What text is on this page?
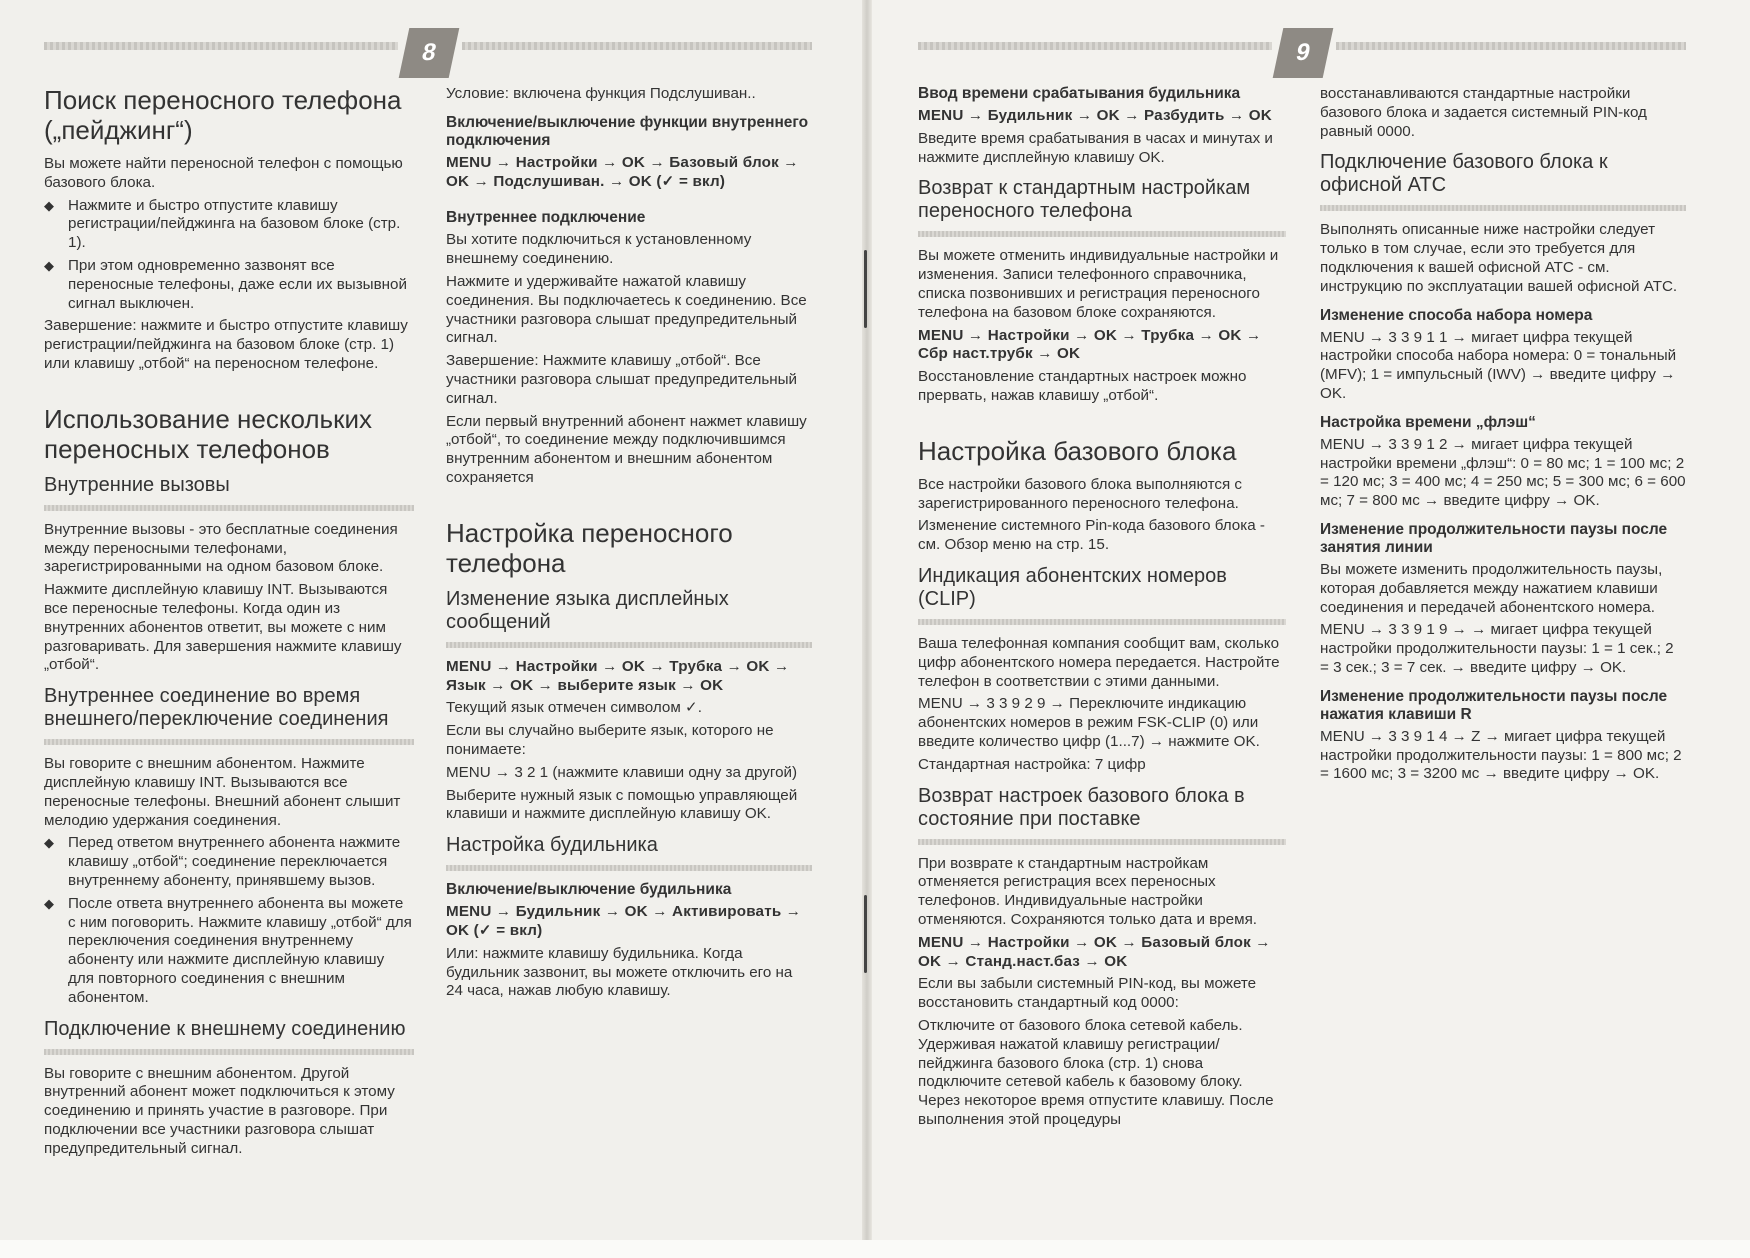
8	9
Поиск переносного телефона („пейджинг“)

Вы можете найти переносной телефон с помощью базового блока.

◆ Нажмите и быстро отпустите клавишу регистрации/пейджинга на базовом блоке (стр. 1).

◆ При этом одновременно зазвонят все переносные телефоны, даже если их вызывной сигнал выключен.

Завершение: нажмите и быстро отпустите клавишу регистрации/пейджинга на базовом блоке (стр. 1) или клавишу „отбой“ на переносном телефоне.

Использование нескольких переносных телефонов
Внутренние вызовы

Внутренние вызовы - это бесплатные соединения между переносными телефонами, зарегистрированными на одном базовом блоке.

Нажмите дисплейную клавишу INT. Вызываются все переносные телефоны. Когда один из внутренних абонентов ответит, вы можете с ним разговаривать. Для завершения нажмите клавишу „отбой“.

Внутреннее соединение во время внешнего/переключение соединения

Вы говорите с внешним абонентом. Нажмите дисплейную клавишу INT. Вызываются все переносные телефоны. Внешний абонент слышит мелодию удержания соединения.

◆ Перед ответом внутреннего абонента нажмите клавишу „отбой“; соединение переключается внутреннему абоненту, принявшему вызов.

◆ После ответа внутреннего абонента вы можете с ним поговорить. Нажмите клавишу „отбой“ для переключения соединения внутреннему абоненту или нажмите дисплейную клавишу для повторного соединения с внешним абонентом.

Подключение к внешнему соединению

Вы говорите с внешним абонентом. Другой внутренний абонент может подключиться к этому соединению и принять участие в разговоре. При подключении все участники разговора слышат предупредительный сигнал.

Условие: включена функция Подслушиван..

Включение/выключение функции внутреннего подключения

MENU → Настройки → OK → Базовый блок → OK → Подслушиван. → OK (✓ = вкл)

Внутреннее подключение

Вы хотите подключиться к установленному внешнему соединению.

Нажмите и удерживайте нажатой клавишу соединения. Вы подключаетесь к соединению. Все участники разговора слышат предупредительный сигнал.

Завершение: Нажмите клавишу „отбой“. Все участники разговора слышат предупредительный сигнал.

Если первый внутренний абонент нажмет клавишу „отбой“, то соединение между подключившимся внутренним абонентом и внешним абонентом сохраняется

Настройка переносного телефона
Изменение языка дисплейных сообщений

MENU → Настройки → OK → Трубка → OK → Язык → OK → выберите язык → OK

Текущий язык отмечен символом ✓.

Если вы случайно выберите язык, которого не понимаете:

MENU → 3 2 1 (нажмите клавиши одну за другой)

Выберите нужный язык с помощью управляющей клавиши и нажмите дисплейную клавишу OK.

Настройка будильника
Включение/выключение будильника

MENU → Будильник → OK → Активировать → OK (✓ = вкл)

Или: нажмите клавишу будильника. Когда будильник зазвонит, вы можете отключить его на 24 часа, нажав любую клавишу.

Ввод времени срабатывания будильника

MENU → Будильник → OK → Разбудить → OK

Введите время срабатывания в часах и минутах и нажмите дисплейную клавишу OK.

Возврат к стандартным настройкам переносного телефона

Вы можете отменить индивидуальные настройки и изменения. Записи телефонного справочника, списка позвонивших и регистрация переносного телефона на базовом блоке сохраняются.

MENU → Настройки → OK → Трубка → OK → Сбр наст.трубк → OK

Восстановление стандартных настроек можно прервать, нажав клавишу „отбой“.

Настройка базового блока

Все настройки базового блока выполняются с зарегистрированного переносного телефона.

Изменение системного Pin-кода базового блока - см. Обзор меню на стр. 15.

Индикация абонентских номеров (CLIP)

Ваша телефонная компания сообщит вам, сколько цифр абонентского номера передается. Настройте телефон в соответствии с этими данными.

MENU → 3 3 9 2 9 → Переключите индикацию абонентских номеров в режим FSK-CLIP (0) или введите количество цифр (1...7) → нажмите OK.

Стандартная настройка: 7 цифр

Возврат настроек базового блока в состояние при поставке

При возврате к стандартным настройкам отменяется регистрация всех переносных телефонов. Индивидуальные настройки отменяются. Сохраняются только дата и время.

MENU → Настройки → OK → Базовый блок → OK → Станд.наст.баз → OK

Если вы забыли системный PIN-код, вы можете восстановить стандартный код 0000:

Отключите от базового блока сетевой кабель. Удерживая нажатой клавишу регистрации/пейджинга базового блока (стр. 1) снова подключите сетевой кабель к базовому блоку. Через некоторое время отпустите клавишу. После выполнения этой процедуры

восстанавливаются стандартные настройки базового блока и задается системный PIN-код равный 0000.

Подключение базового блока к офисной АТС

Выполнять описанные ниже настройки следует только в том случае, если это требуется для подключения к вашей офисной АТС - см. инструкцию по эксплуатации вашей офисной АТС.

Изменение способа набора номера

MENU → 3 3 9 1 1 → мигает цифра текущей настройки способа набора номера: 0 = тональный (MFV); 1 = импульсный (IWV) → введите цифру → OK.

Настройка времени „флэш“

MENU → 3 3 9 1 2 → мигает цифра текущей настройки времени „флэш“: 0 = 80 мс; 1 = 100 мс; 2 = 120 мс; 3 = 400 мс; 4 = 250 мс; 5 = 300 мс; 6 = 600 мс; 7 = 800 мс → введите цифру → OK.

Изменение продолжительности паузы после занятия линии

Вы можете изменить продолжительность паузы, которая добавляется между нажатием клавиши соединения и передачей абонентского номера.

MENU → 3 3 9 1 9 → → мигает цифра текущей настройки продолжительности паузы: 1 = 1 сек.; 2 = 3 сек.; 3 = 7 сек. → введите цифру → OK.

Изменение продолжительности паузы после нажатия клавиши R

MENU → 3 3 9 1 4 → Z → мигает цифра текущей настройки продолжительности паузы: 1 = 800 мс; 2 = 1600 мс; 3 = 3200 мс → введите цифру → OK.
